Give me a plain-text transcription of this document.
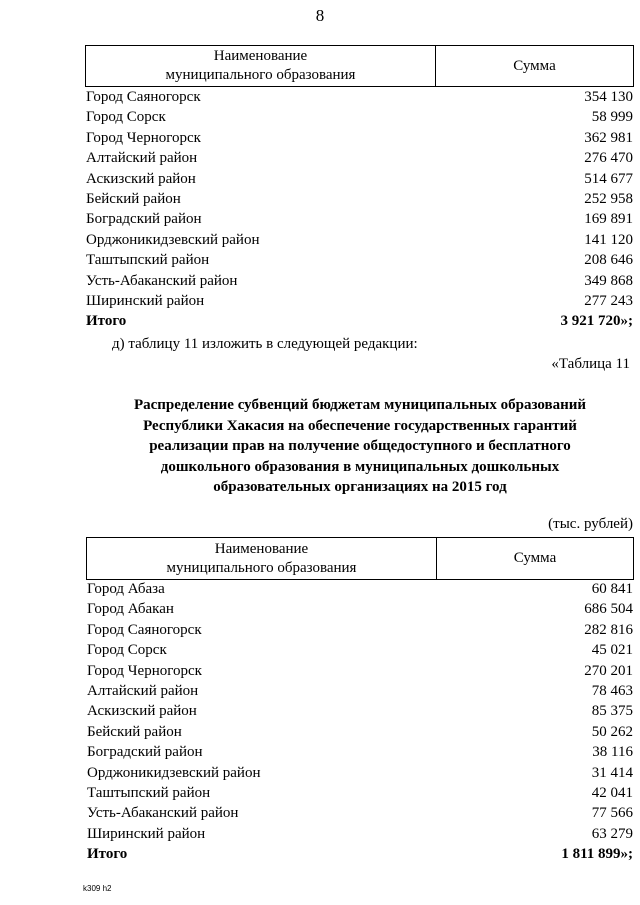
8
Наименование
муниципального образования
Сумма
Город Саяногорск	354 130
Город Сорск	58 999
Город Черногорск	362 981
Алтайский район	276 470
Аскизский район	514 677
Бейский район	252 958
Боградский район	169 891
Орджоникидзевский район	141 120
Таштыпский район	208 646
Усть-Абаканский район	349 868
Ширинский район	277 243
Итого	3 921 720»;
д) таблицу 11 изложить в следующей редакции:
«Таблица 11
Распределение субвенций бюджетам муниципальных образований
Республики Хакасия на обеспечение государственных гарантий
реализации прав на получение общедоступного и бесплатного
дошкольного образования в муниципальных дошкольных
образовательных организациях на 2015 год
(тыс. рублей)
Наименование
муниципального образования
Сумма
Город Абаза	60 841
Город Абакан	686 504
Город Саяногорск	282 816
Город Сорск	45 021
Город Черногорск	270 201
Алтайский район	78 463
Аскизский район	85 375
Бейский район	50 262
Боградский район	38 116
Орджоникидзевский район	31 414
Таштыпский район	42 041
Усть-Абаканский район	77 566
Ширинский район	63 279
Итого	1 811 899»;
k309 h2
